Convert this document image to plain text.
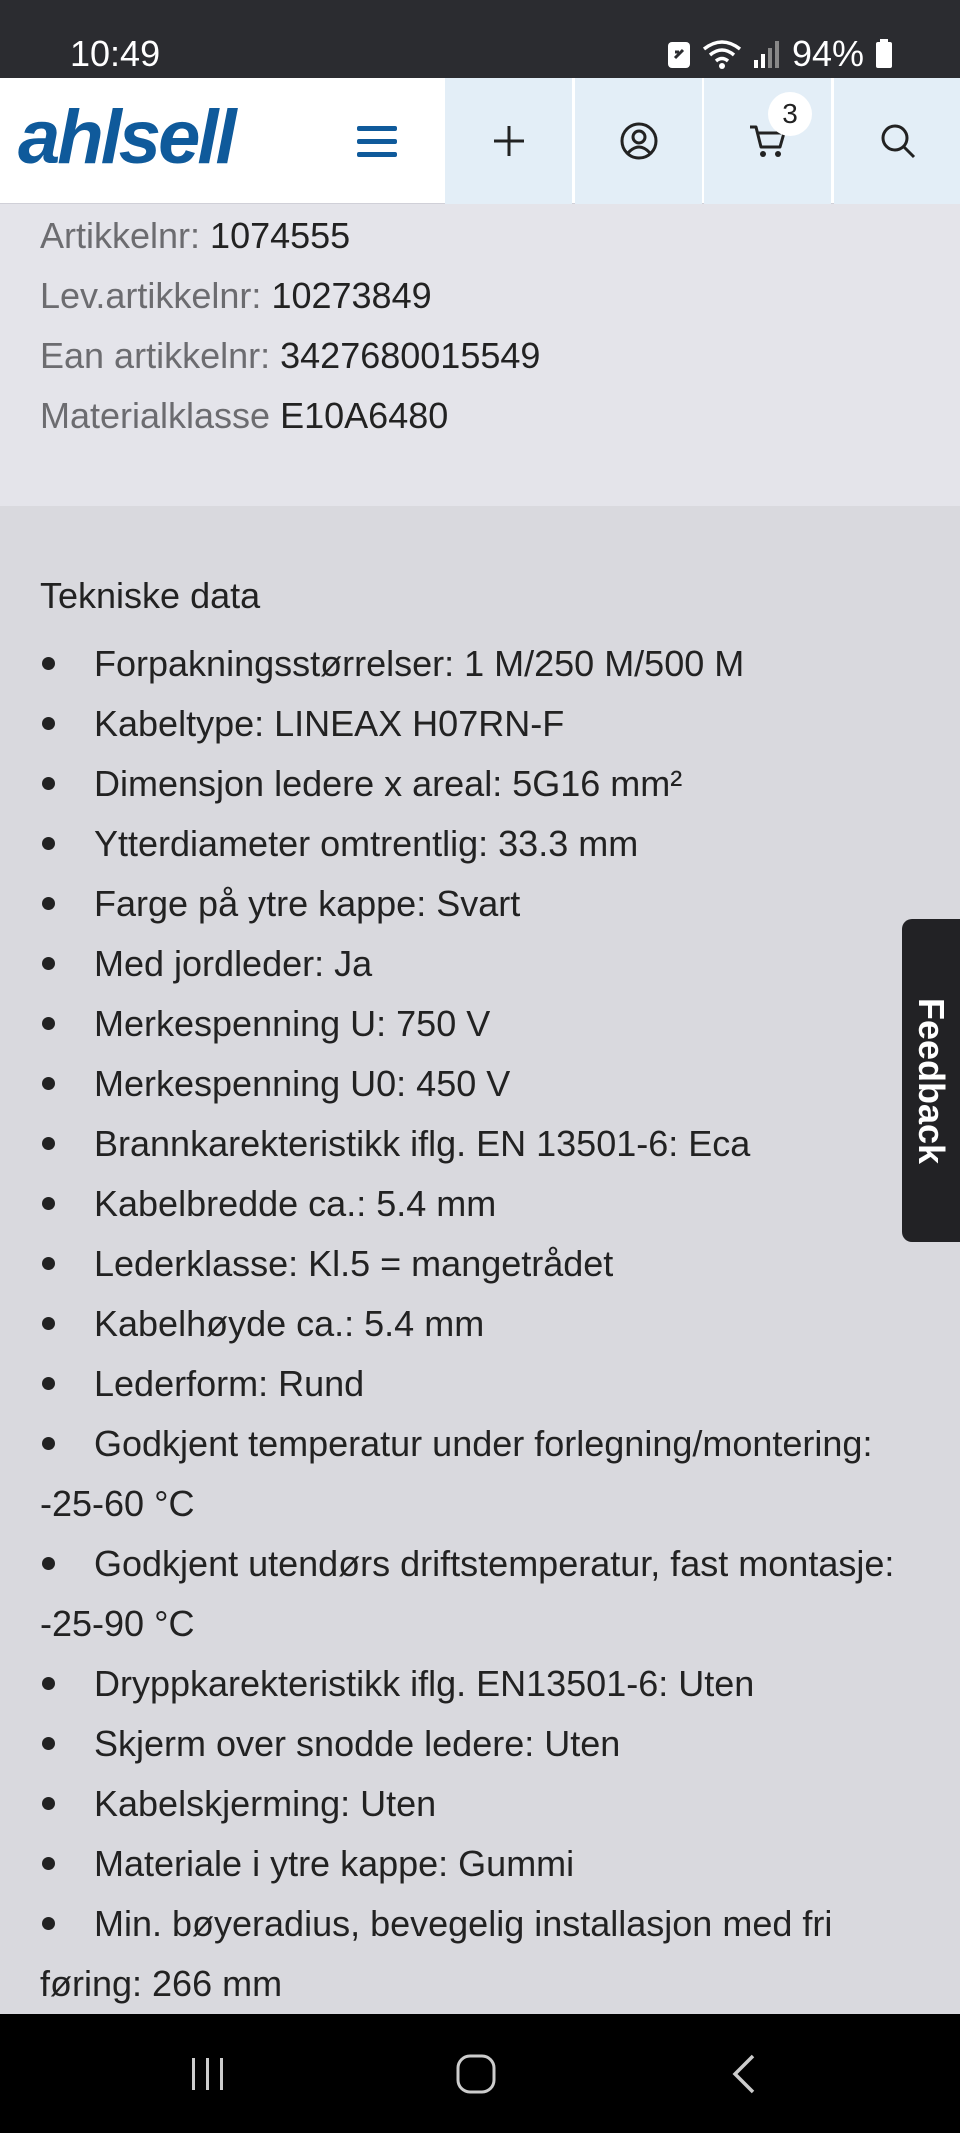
10:49	94%
ahlsell	3
Artikkelnr: 1074555
Lev.artikkelnr: 10273849
Ean artikkelnr: 3427680015549
Materialklasse E10A6480
Tekniske data
Forpakningsstørrelser: 1 M/250 M/500 M
Kabeltype: LINEAX H07RN-F
Dimensjon ledere x areal: 5G16 mm²
Ytterdiameter omtrentlig: 33.3 mm
Farge på ytre kappe: Svart
Med jordleder: Ja
Merkespenning U: 750 V
Merkespenning U0: 450 V
Brannkarekteristikk iflg. EN 13501-6: Eca
Kabelbredde ca.: 5.4 mm
Lederklasse: Kl.5 = mangetrådet
Kabelhøyde ca.: 5.4 mm
Lederform: Rund
Godkjent temperatur under forlegning/montering: -25-60 °C
Godkjent utendørs driftstemperatur, fast montasje: -25-90 °C
Dryppkarekteristikk iflg. EN13501-6: Uten
Skjerm over snodde ledere: Uten
Kabelskjerming: Uten
Materiale i ytre kappe: Gummi
Min. bøyeradius, bevegelig installasjon med fri føring: 266 mm
Feedback
